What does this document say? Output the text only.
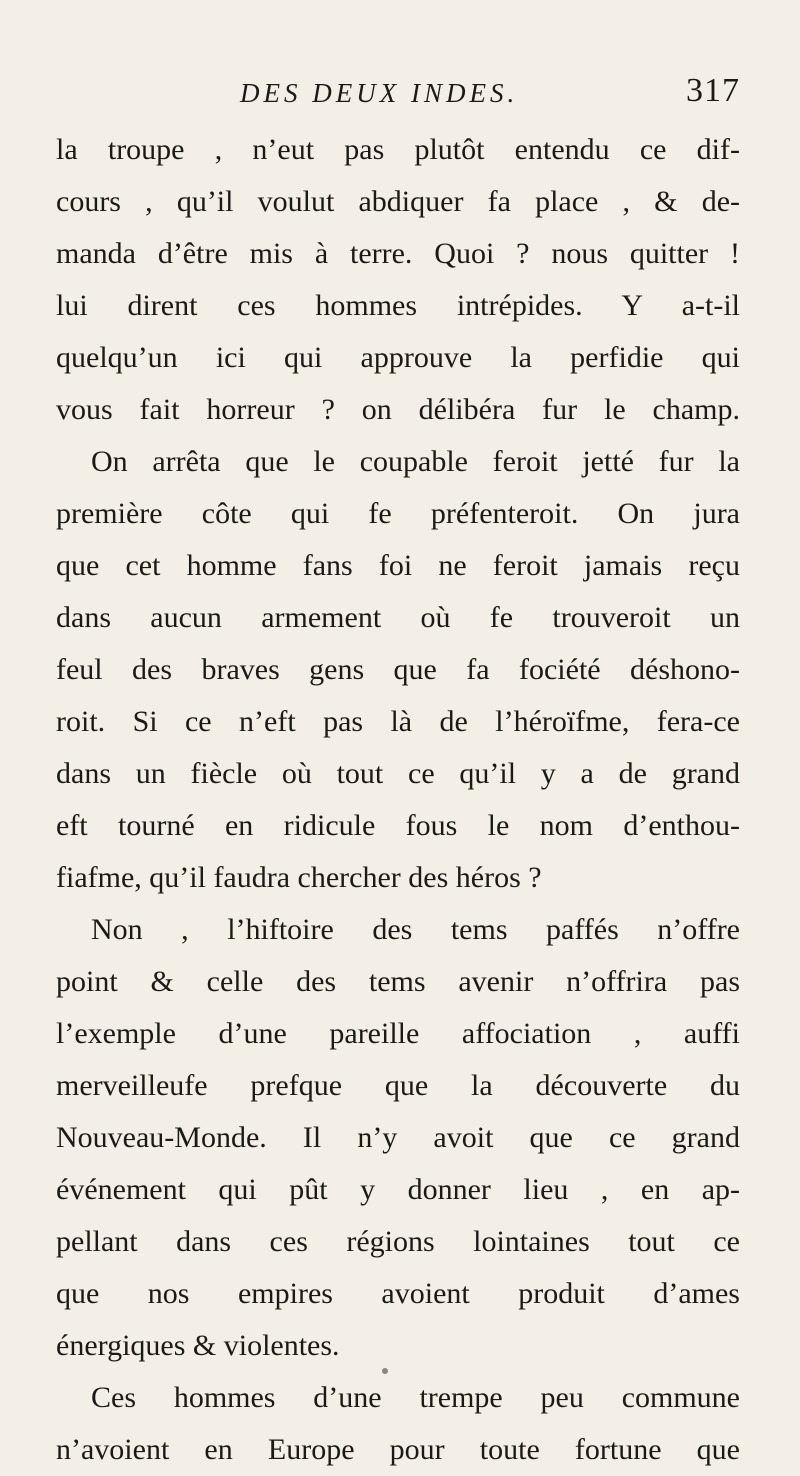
DES DEUX INDES.	317
la troupe , n’eut pas plutôt entendu ce dif-
cours , qu’il voulut abdiquer fa place , & de-
manda d’être mis à terre. Quoi ? nous quitter !
lui dirent ces hommes intrépides. Y a-t-il
quelqu’un ici qui approuve la perfidie qui
vous fait horreur ? on délibéra fur le champ.
On arrêta que le coupable feroit jetté fur la
première côte qui fe préfenteroit. On jura
que cet homme fans foi ne feroit jamais reçu
dans aucun armement où fe trouveroit un
feul des braves gens que fa fociété déshono-
roit. Si ce n’eft pas là de l’héroïfme, fera-ce
dans un fiècle où tout ce qu’il y a de grand
eft tourné en ridicule fous le nom d’enthou-
fiafme, qu’il faudra chercher des héros ?
Non , l’hiftoire des tems paffés n’offre
point & celle des tems avenir n’offrira pas
l’exemple d’une pareille affociation , auffi
merveilleufe prefque que la découverte du
Nouveau-Monde. Il n’y avoit que ce grand
événement qui pût y donner lieu , en ap-
pellant dans ces régions lointaines tout ce
que nos empires avoient produit d’ames
énergiques & violentes.
Ces hommes d’une trempe peu commune
n’avoient en Europe pour toute fortune que
